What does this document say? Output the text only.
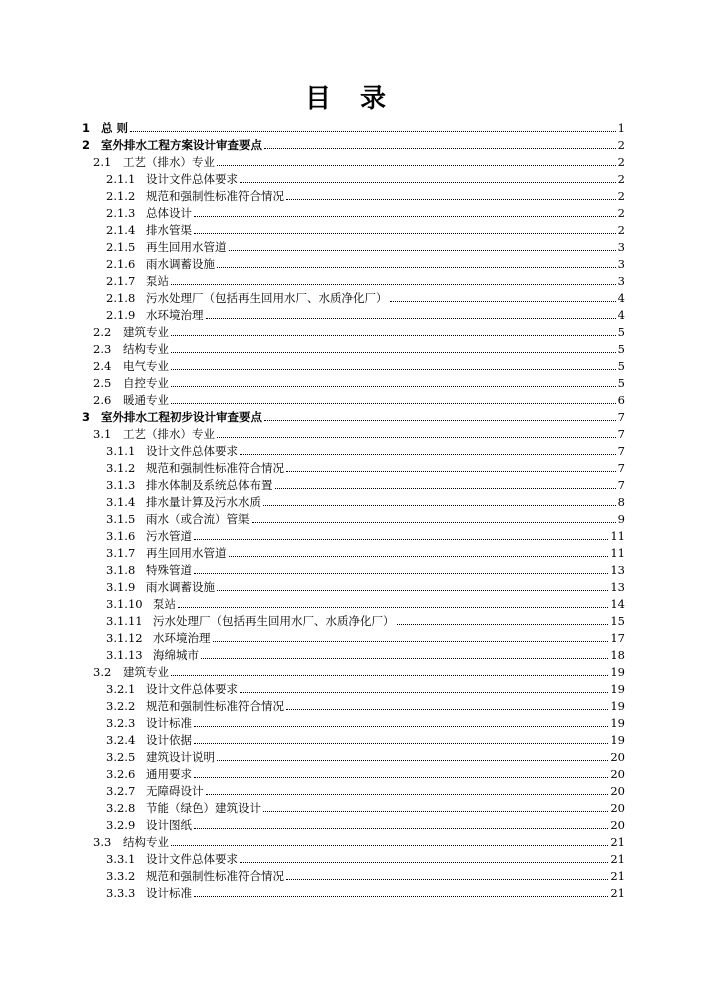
目 录
1 总 则	1
2 室外排水工程方案设计审查要点	2
2.1	工艺（排水）专业	2
2.1.1 设计文件总体要求	2
2.1.2 规范和强制性标准符合情况	2
2.1.3 总体设计	2
2.1.4 排水管渠	2
2.1.5 再生回用水管道	3
2.1.6 雨水调蓄设施	3
2.1.7 泵站	3
2.1.8 污水处理厂（包括再生回用水厂、水质净化厂）	4
2.1.9 水环境治理	4
2.2	建筑专业	5
2.3	结构专业	5
2.4	电气专业	5
2.5	自控专业	5
2.6	暖通专业	6
3 室外排水工程初步设计审查要点	7
3.1	工艺（排水）专业	7
3.1.1 设计文件总体要求	7
3.1.2 规范和强制性标准符合情况	7
3.1.3 排水体制及系统总体布置	7
3.1.4 排水量计算及污水水质	8
3.1.5 雨水（或合流）管渠	9
3.1.6 污水管道	11
3.1.7 再生回用水管道	11
3.1.8 特殊管道	13
3.1.9 雨水调蓄设施	13
3.1.10 泵站	14
3.1.11 污水处理厂（包括再生回用水厂、水质净化厂）	15
3.1.12 水环境治理	17
3.1.13 海绵城市	18
3.2	建筑专业	19
3.2.1 设计文件总体要求	19
3.2.2 规范和强制性标准符合情况	19
3.2.3 设计标准	19
3.2.4 设计依据	19
3.2.5 建筑设计说明	20
3.2.6 通用要求	20
3.2.7 无障碍设计	20
3.2.8 节能（绿色）建筑设计	20
3.2.9 设计图纸	20
3.3	结构专业	21
3.3.1 设计文件总体要求	21
3.3.2 规范和强制性标准符合情况	21
3.3.3 设计标准	21
